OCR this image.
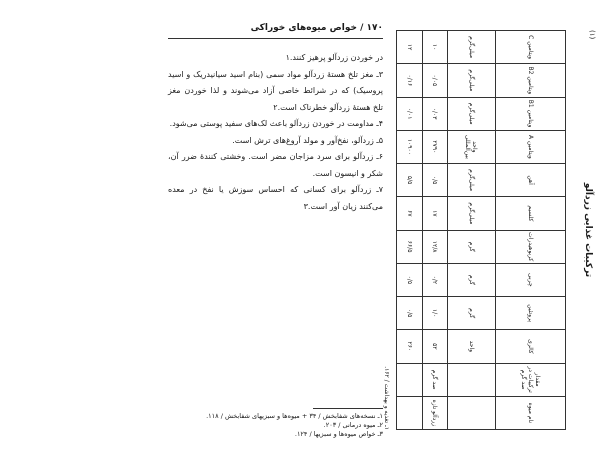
۱۷۰ / خواص میوه‌های خوراکی

در خوردن زردآلو پرهیز کنند.۱

۳ـ مغز تلخ هستهٔ زردآلو مواد سمی (بنام اسید سیانیدریک و اسید پروسیک) که در شرائط خاصی آزاد می‌شوند و لذا خوردن مغز تلخ هستهٔ زردآلو خطرناک است.۲

۴ـ مداومت در خوردن زردآلو باعث لک‌های سفید پوستی می‌شود.

۵ـ زردآلو، نفخ‌آور و مولد آروغ‌های ترش است.

۶ـ زردآلو برای سرد مزاجان مضر است. وخشتی کنندهٔ ضرر آن، شکر و انیسون است.

۷ـ زردآلو برای کسانی که احساس سوزش یا نفخ در معده می‌کنند زیان آور است.۳

۱ـ نسخه‌های شفابخش / ۳۴ + میوه‌ها و سبزیهای شفابخش / ۱۱۸.

۲ـ میوه درمانی / ۲۰۳.

۳ـ خواص میوه‌ها و سبزیها / ۱۲۴.

ترکیبات غذایی زردآلو
(۱)
نام میوه	مقدار ترکیبات در صد گرم	کالری	پروتئین	چربی	کربوهیدرات	کلسیم	آهن	ویتامین A	ویتامین B1	ویتامین B2	ویتامین C
		واحد	گرم	گرم	گرم	میلی‌گرم	میلی‌گرم	واحد بین‌المللی	میلی‌گرم	میلی‌گرم	میلی‌گرم
زردآلو تازه	صد گرم	۵۲	۱/۰	۰/۲	۱۲/۸	۱۷	۰/۵	۲۷۹۰	۰/۰۳	۰/۰۵	۱۰
		۲۶۰	۰/۵	۰/۵	۶۶/۵	۶۷	۵/۵	۱۰۹۰۰	۰/۰۱	۰/۱۶	۱۲
۱ـ تغذیه و بهداشت / ۱۶۲.
